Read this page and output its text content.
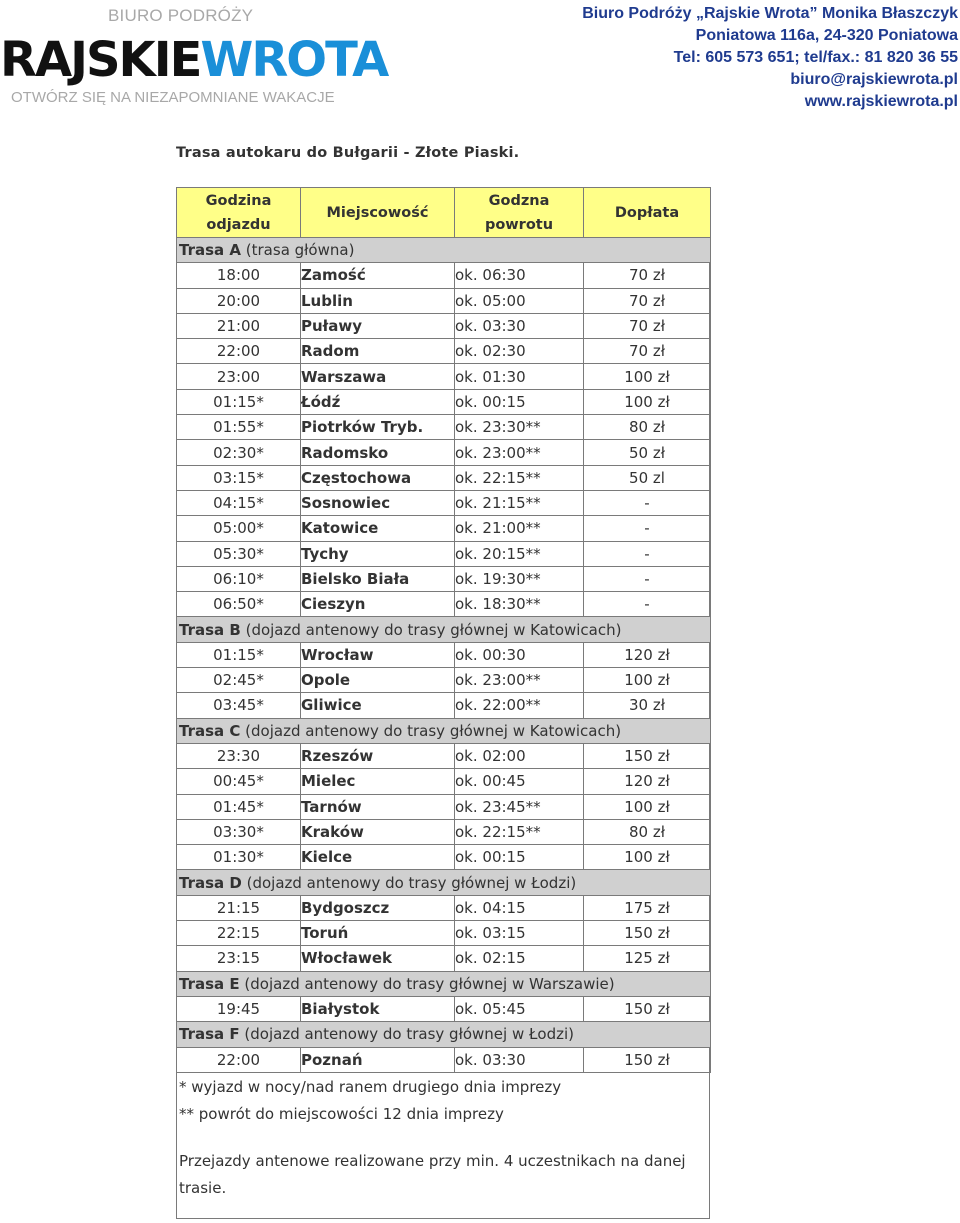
BIURO PODRÓŻY
RAJSKIEWROTA
OTWÓRZ SIĘ NA NIEZAPOMNIANE WAKACJE
Biuro Podróży „Rajskie Wrota” Monika Błaszczyk
Poniatowa 116a, 24-320 Poniatowa
Tel: 605 573 651; tel/fax.: 81 820 36 55
biuro@rajskiewrota.pl
www.rajskiewrota.pl
Trasa autokaru do Bułgarii - Złote Piaski.
Godzina odjazdu	Miejscowość	Godzna powrotu	Dopłata
Trasa A (trasa główna)			
18:00	Zamość	ok. 06:30	70 zł
20:00	Lublin	ok. 05:00	70 zł
21:00	Puławy	ok. 03:30	70 zł
22:00	Radom	ok. 02:30	70 zł
23:00	Warszawa	ok. 01:30	100 zł
01:15*	Łódź	ok. 00:15	100 zł
01:55*	Piotrków Tryb.	ok. 23:30**	80 zł
02:30*	Radomsko	ok. 23:00**	50 zł
03:15*	Częstochowa	ok. 22:15**	50 zl
04:15*	Sosnowiec	ok. 21:15**	-
05:00*	Katowice	ok. 21:00**	-
05:30*	Tychy	ok. 20:15**	-
06:10*	Bielsko Biała	ok. 19:30**	-
06:50*	Cieszyn	ok. 18:30**	-
Trasa B (dojazd antenowy do trasy głównej w Katowicach)			
01:15*	Wrocław	ok. 00:30	120 zł
02:45*	Opole	ok. 23:00**	100 zł
03:45*	Gliwice	ok. 22:00**	30 zł
Trasa C (dojazd antenowy do trasy głównej w Katowicach)			
23:30	Rzeszów	ok. 02:00	150 zł
00:45*	Mielec	ok. 00:45	120 zł
01:45*	Tarnów	ok. 23:45**	100 zł
03:30*	Kraków	ok. 22:15**	80 zł
01:30*	Kielce	ok. 00:15	100 zł
Trasa D (dojazd antenowy do trasy głównej w Łodzi)			
21:15	Bydgoszcz	ok. 04:15	175 zł
22:15	Toruń	ok. 03:15	150 zł
23:15	Włocławek	ok. 02:15	125 zł
Trasa E (dojazd antenowy do trasy głównej w Warszawie)			
19:45	Białystok	ok. 05:45	150 zł
Trasa F (dojazd antenowy do trasy głównej w Łodzi)			
22:00	Poznań	ok. 03:30	150 zł
* wyjazd w nocy/nad ranem drugiego dnia imprezy
** powrót do miejscowości 12 dnia imprezy
Przejazdy antenowe realizowane przy min. 4 uczestnikach na danej trasie.
